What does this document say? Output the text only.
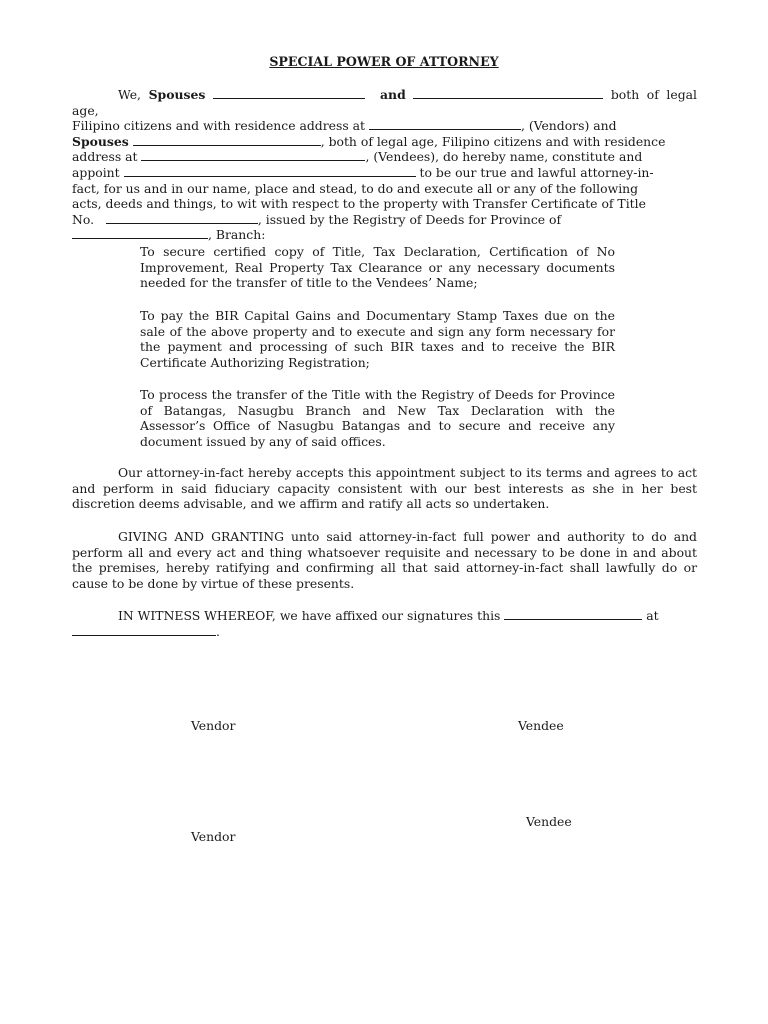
SPECIAL POWER OF ATTORNEY
We, Spouses	and	both of legal age,
Filipino citizens and with residence address at	, (Vendors) and
Spouses	, both of legal age, Filipino citizens and with residence
address at	, (Vendees), do hereby name, constitute and
appoint	to be our true and lawful attorney-in-
fact, for us and in our name, place and stead, to do and execute all or any of the following
acts, deeds and things, to wit with respect to the property with Transfer Certificate of Title
No.	, issued by the Registry of Deeds for Province of
, Branch:
To secure certified copy of Title, Tax Declaration, Certification of No Improvement, Real Property Tax Clearance or any necessary documents needed for the transfer of title to the Vendees’ Name;
To pay the BIR Capital Gains and Documentary Stamp Taxes due on the sale of the above property and to execute and sign any form necessary for the payment and processing of such BIR taxes and to receive the BIR Certificate Authorizing Registration;
To process the transfer of the Title with the Registry of Deeds for Province of Batangas, Nasugbu Branch and New Tax Declaration with the Assessor’s Office of Nasugbu Batangas and to secure and receive any document issued by any of said offices.
Our attorney-in-fact hereby accepts this appointment subject to its terms and agrees to act and perform in said fiduciary capacity consistent with our best interests as she in her best discretion deems advisable, and we affirm and ratify all acts so undertaken.
GIVING AND GRANTING unto said attorney-in-fact full power and authority to do and perform all and every act and thing whatsoever requisite and necessary to be done in and about the premises, hereby ratifying and confirming all that said attorney-in-fact shall lawfully do or cause to be done by virtue of these presents.
IN WITNESS WHEREOF, we have affixed our signatures this	at
.
Vendor	Vendee
Vendee
Vendor
